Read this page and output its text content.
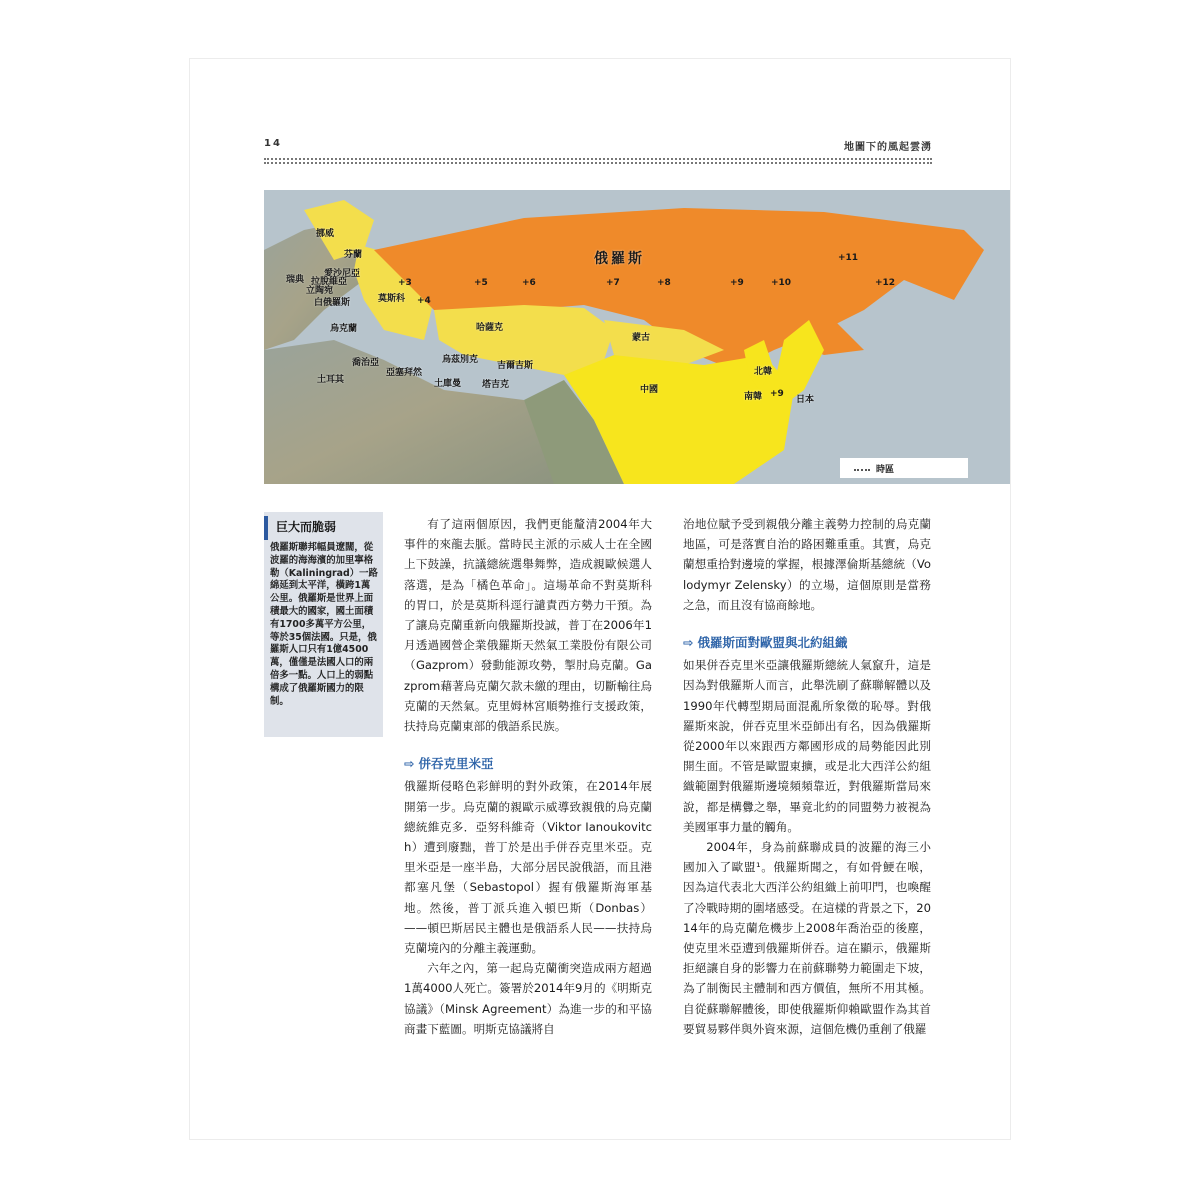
14	地圖下的風起雲湧
挪威
芬蘭
愛沙尼亞
瑞典 拉脫維亞
立陶宛
白俄羅斯	莫斯科
烏克蘭
俄羅斯
哈薩克
喬治亞
亞塞拜然
烏茲別克
吉爾吉斯
土耳其	土庫曼 塔吉克
蒙古
中國
北韓
南韓	日本
+3
+4
+5	+6	+7	+8	+9
+9
+10
+11
+12
時區
巨大而脆弱
俄羅斯聯邦幅員遼闊，從波羅的海海濱的加里寧格勒（Kaliningrad）一路綿延到太平洋，橫跨1萬公里。俄羅斯是世界上面積最大的國家，國土面積有1700多萬平方公里，等於35個法國。只是，俄羅斯人口只有1億4500萬，僅僅是法國人口的兩倍多一點。人口上的弱點構成了俄羅斯國力的限制。

有了這兩個原因，我們更能釐清2004年大事件的來龍去脈。當時民主派的示威人士在全國上下鼓譟，抗議總統選舉舞弊，造成親歐候選人落選，是為「橘色革命」。這場革命不對莫斯科的胃口，於是莫斯科逕行譴責西方勢力干預。為了讓烏克蘭重新向俄羅斯投誠，普丁在2006年1月透過國營企業俄羅斯天然氣工業股份有限公司（Gazprom）發動能源攻勢，掣肘烏克蘭。Gazprom藉著烏克蘭欠款未繳的理由，切斷輸往烏克蘭的天然氣。克里姆林宮順勢推行支援政策，扶持烏克蘭東部的俄語系民族。

⇨ 併吞克里米亞

俄羅斯侵略色彩鮮明的對外政策，在2014年展開第一步。烏克蘭的親歐示威導致親俄的烏克蘭總統維克多．亞努科維奇（Viktor Ianoukovitch）遭到廢黜，普丁於是出手併吞克里米亞。克里米亞是一座半島，大部分居民說俄語，而且港都塞凡堡（Sebastopol）握有俄羅斯海軍基地。然後，普丁派兵進入頓巴斯（Donbas）——頓巴斯居民主體也是俄語系人民——扶持烏克蘭境內的分離主義運動。

六年之內，第一起烏克蘭衝突造成兩方超過1萬4000人死亡。簽署於2014年9月的《明斯克協議》（Minsk Agreement）為進一步的和平協商畫下藍圖。明斯克協議將自

治地位賦予受到親俄分離主義勢力控制的烏克蘭地區，可是落實自治的路困難重重。其實，烏克蘭想重拾對邊境的掌握，根據澤倫斯基總統（Volodymyr Zelensky）的立場，這個原則是當務之急，而且沒有協商餘地。

⇨ 俄羅斯面對歐盟與北約組織

如果併吞克里米亞讓俄羅斯總統人氣竄升，這是因為對俄羅斯人而言，此舉洗刷了蘇聯解體以及1990年代轉型期局面混亂所象徵的恥辱。對俄羅斯來說，併吞克里米亞師出有名，因為俄羅斯從2000年以來跟西方鄰國形成的局勢能因此別開生面。不管是歐盟東擴，或是北大西洋公約組織範圍對俄羅斯邊境頻頻靠近，對俄羅斯當局來說，都是構釁之舉，畢竟北約的同盟勢力被視為美國軍事力量的觸角。

2004年，身為前蘇聯成員的波羅的海三小國加入了歐盟¹。俄羅斯聞之，有如骨鯁在喉，因為這代表北大西洋公約組織上前叩門，也喚醒了冷戰時期的圍堵感受。在這樣的背景之下，2014年的烏克蘭危機步上2008年喬治亞的後塵，使克里米亞遭到俄羅斯併吞。這在顯示，俄羅斯拒絕讓自身的影響力在前蘇聯勢力範圍走下坡，為了制衡民主體制和西方價值，無所不用其極。自從蘇聯解體後，即使俄羅斯仰賴歐盟作為其首要貿易夥伴與外資來源，這個危機仍重創了俄羅
